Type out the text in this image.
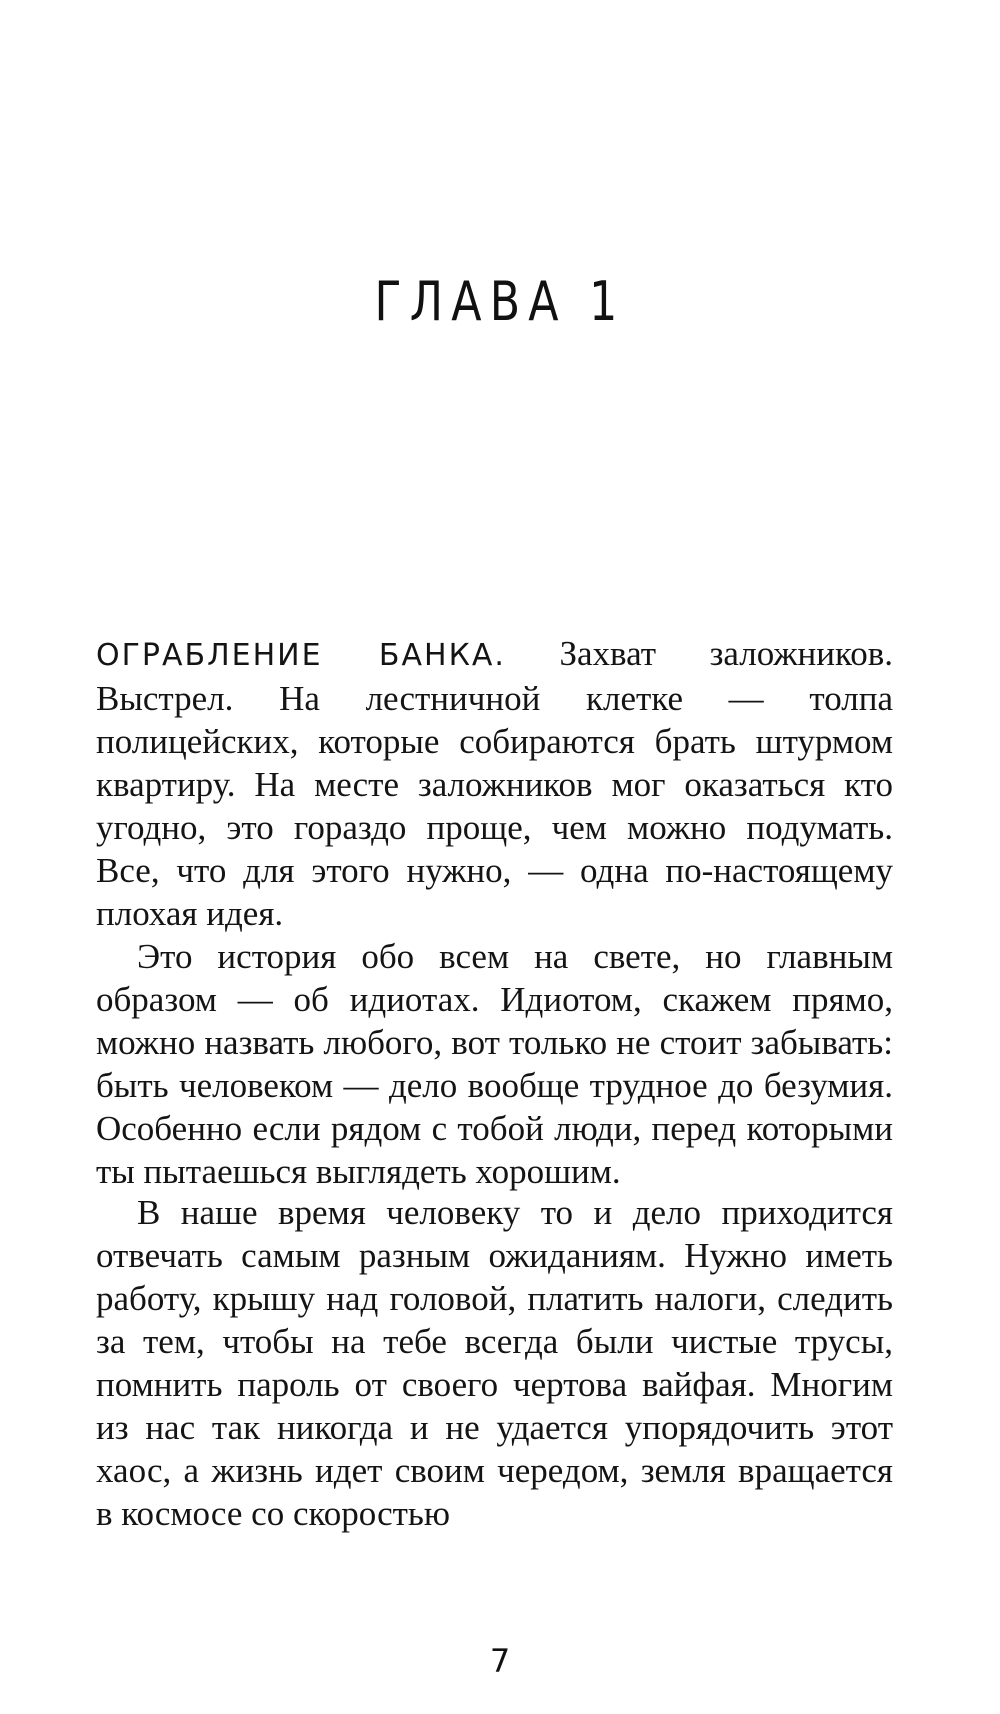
ГЛАВА 1
ОГРАБЛЕНИЕ БАНКА. Захват заложников. Выстрел. На лестничной клетке — толпа полицейских, которые собираются брать штурмом квартиру. На месте заложников мог оказаться кто угодно, это гораздо проще, чем можно подумать. Все, что для этого нужно, — одна по-настоящему плохая идея.
Это история обо всем на свете, но главным образом — об идиотах. Идиотом, скажем прямо, можно назвать любого, вот только не стоит забывать: быть человеком — дело вообще трудное до безумия. Особенно если рядом с тобой люди, перед которыми ты пытаешься выглядеть хорошим.
В наше время человеку то и дело приходится отвечать самым разным ожиданиям. Нужно иметь работу, крышу над головой, платить налоги, следить за тем, чтобы на тебе всегда были чистые трусы, помнить пароль от своего чертова вайфая. Многим из нас так никогда и не удается упорядочить этот хаос, а жизнь идет своим чередом, земля вращается в космосе со скоростью
7
